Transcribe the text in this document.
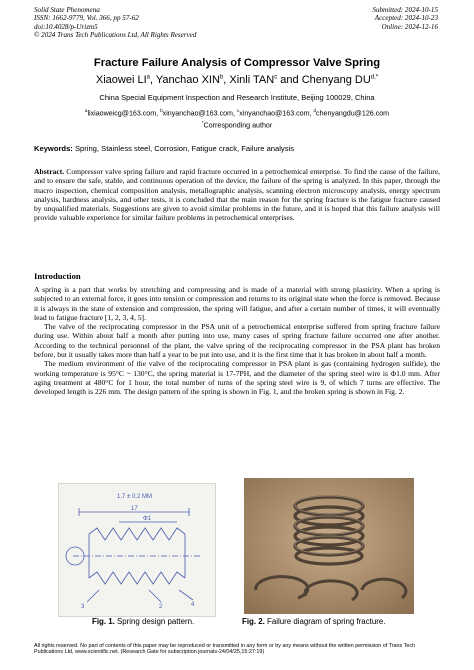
Solid State Phenomena
ISSN: 1662-9779, Vol. 366, pp 57-62
doi:10.4028/p-Urizm5
© 2024 Trans Tech Publications Ltd, All Rights Reserved
Submitted: 2024-10-15
Accepted: 2024-10-23
Online: 2024-12-16
Fracture Failure Analysis of Compressor Valve Spring
Xiaowei $LI^a$, Yanchao XIN$^b$, Xinli TAN$^c$ and Chenyang $DU^{d,*}$
China Special Equipment Inspection and Research Institute, Beijing 100029, China
$^a$lixiaoweicg@163.com, $^b$xinyanchao@163.com, $^c$xinyanchao@163.com, $^d$chenyangdu@126.com
*Corresponding author
Keywords: Spring, Stainless steel, Corrosion, Fatigue crack, Failure analysis
Abstract. Compressor valve spring failure and rapid fracture occurred in a petrochemical enterprise. To find the cause of the failure, and to ensure the safe, stable, and continuous operation of the device, the failure of the spring is analyzed. In this paper, through the macro inspection, chemical composition analysis, metallographic analysis, scanning electron microscopy analysis, energy spectrum analysis, hardness analysis, and other tests, it is concluded that the main reason for the spring fracture is the fatigue fracture caused by unqualified materials. Suggestions are given to avoid similar problems in the future, and it is hoped that this failure analysis will provide valuable experience for similar failure problems in petrochemical enterprises.
Introduction

A spring is a part that works by stretching and compressing and is made of a material with strong plasticity. When a spring is subjected to an external force, it goes into tension or compression and returns to its original state when the force is removed. Because it is always in the state of extension and compression, the spring will fatigue, and after a certain number of times, it will eventually lead to fatigue fracture [1, 2, 3, 4, 5].

The valve of the reciprocating compressor in the PSA unit of a petrochemical enterprise suffered from spring fracture failure during use. Within about half a month after putting into use, many cases of spring fracture failure occurred one after another. According to the technical personnel of the plant, the valve spring of the reciprocating compressor in the PSA plant has broken before, but it usually takes more than half a year to be put into use, and it is the first time that it has broken in about half a month.

The medium environment of the valve of the reciprocating compressor in PSA plant is gas (containing hydrogen sulfide), the working temperature is 95°C ~ 130°C, the spring material is 17-7PH, and the diameter of the spring steel wire is Φ1.0 mm. After aging treatment at 480°C for 1 hour, the total number of turns of the spring steel wire is 9, of which 7 turns are effective. The developed length is 226 mm. The design pattern of the spring is shown in Fig. 1, and the broken spring is shown in Fig. 2.

1.7 ± 0.2 MM
17
Φ1
3	2	4
Fig. 1. Spring design pattern.	Fig. 2. Failure diagram of spring fracture.
All rights reserved. No part of contents of this paper may be reproduced or transmitted in any form or by any means without the written permission of Trans Tech Publications Ltd, www.scientific.net. (Research Gate for subscription journals-24/04/25,15:27:19)
